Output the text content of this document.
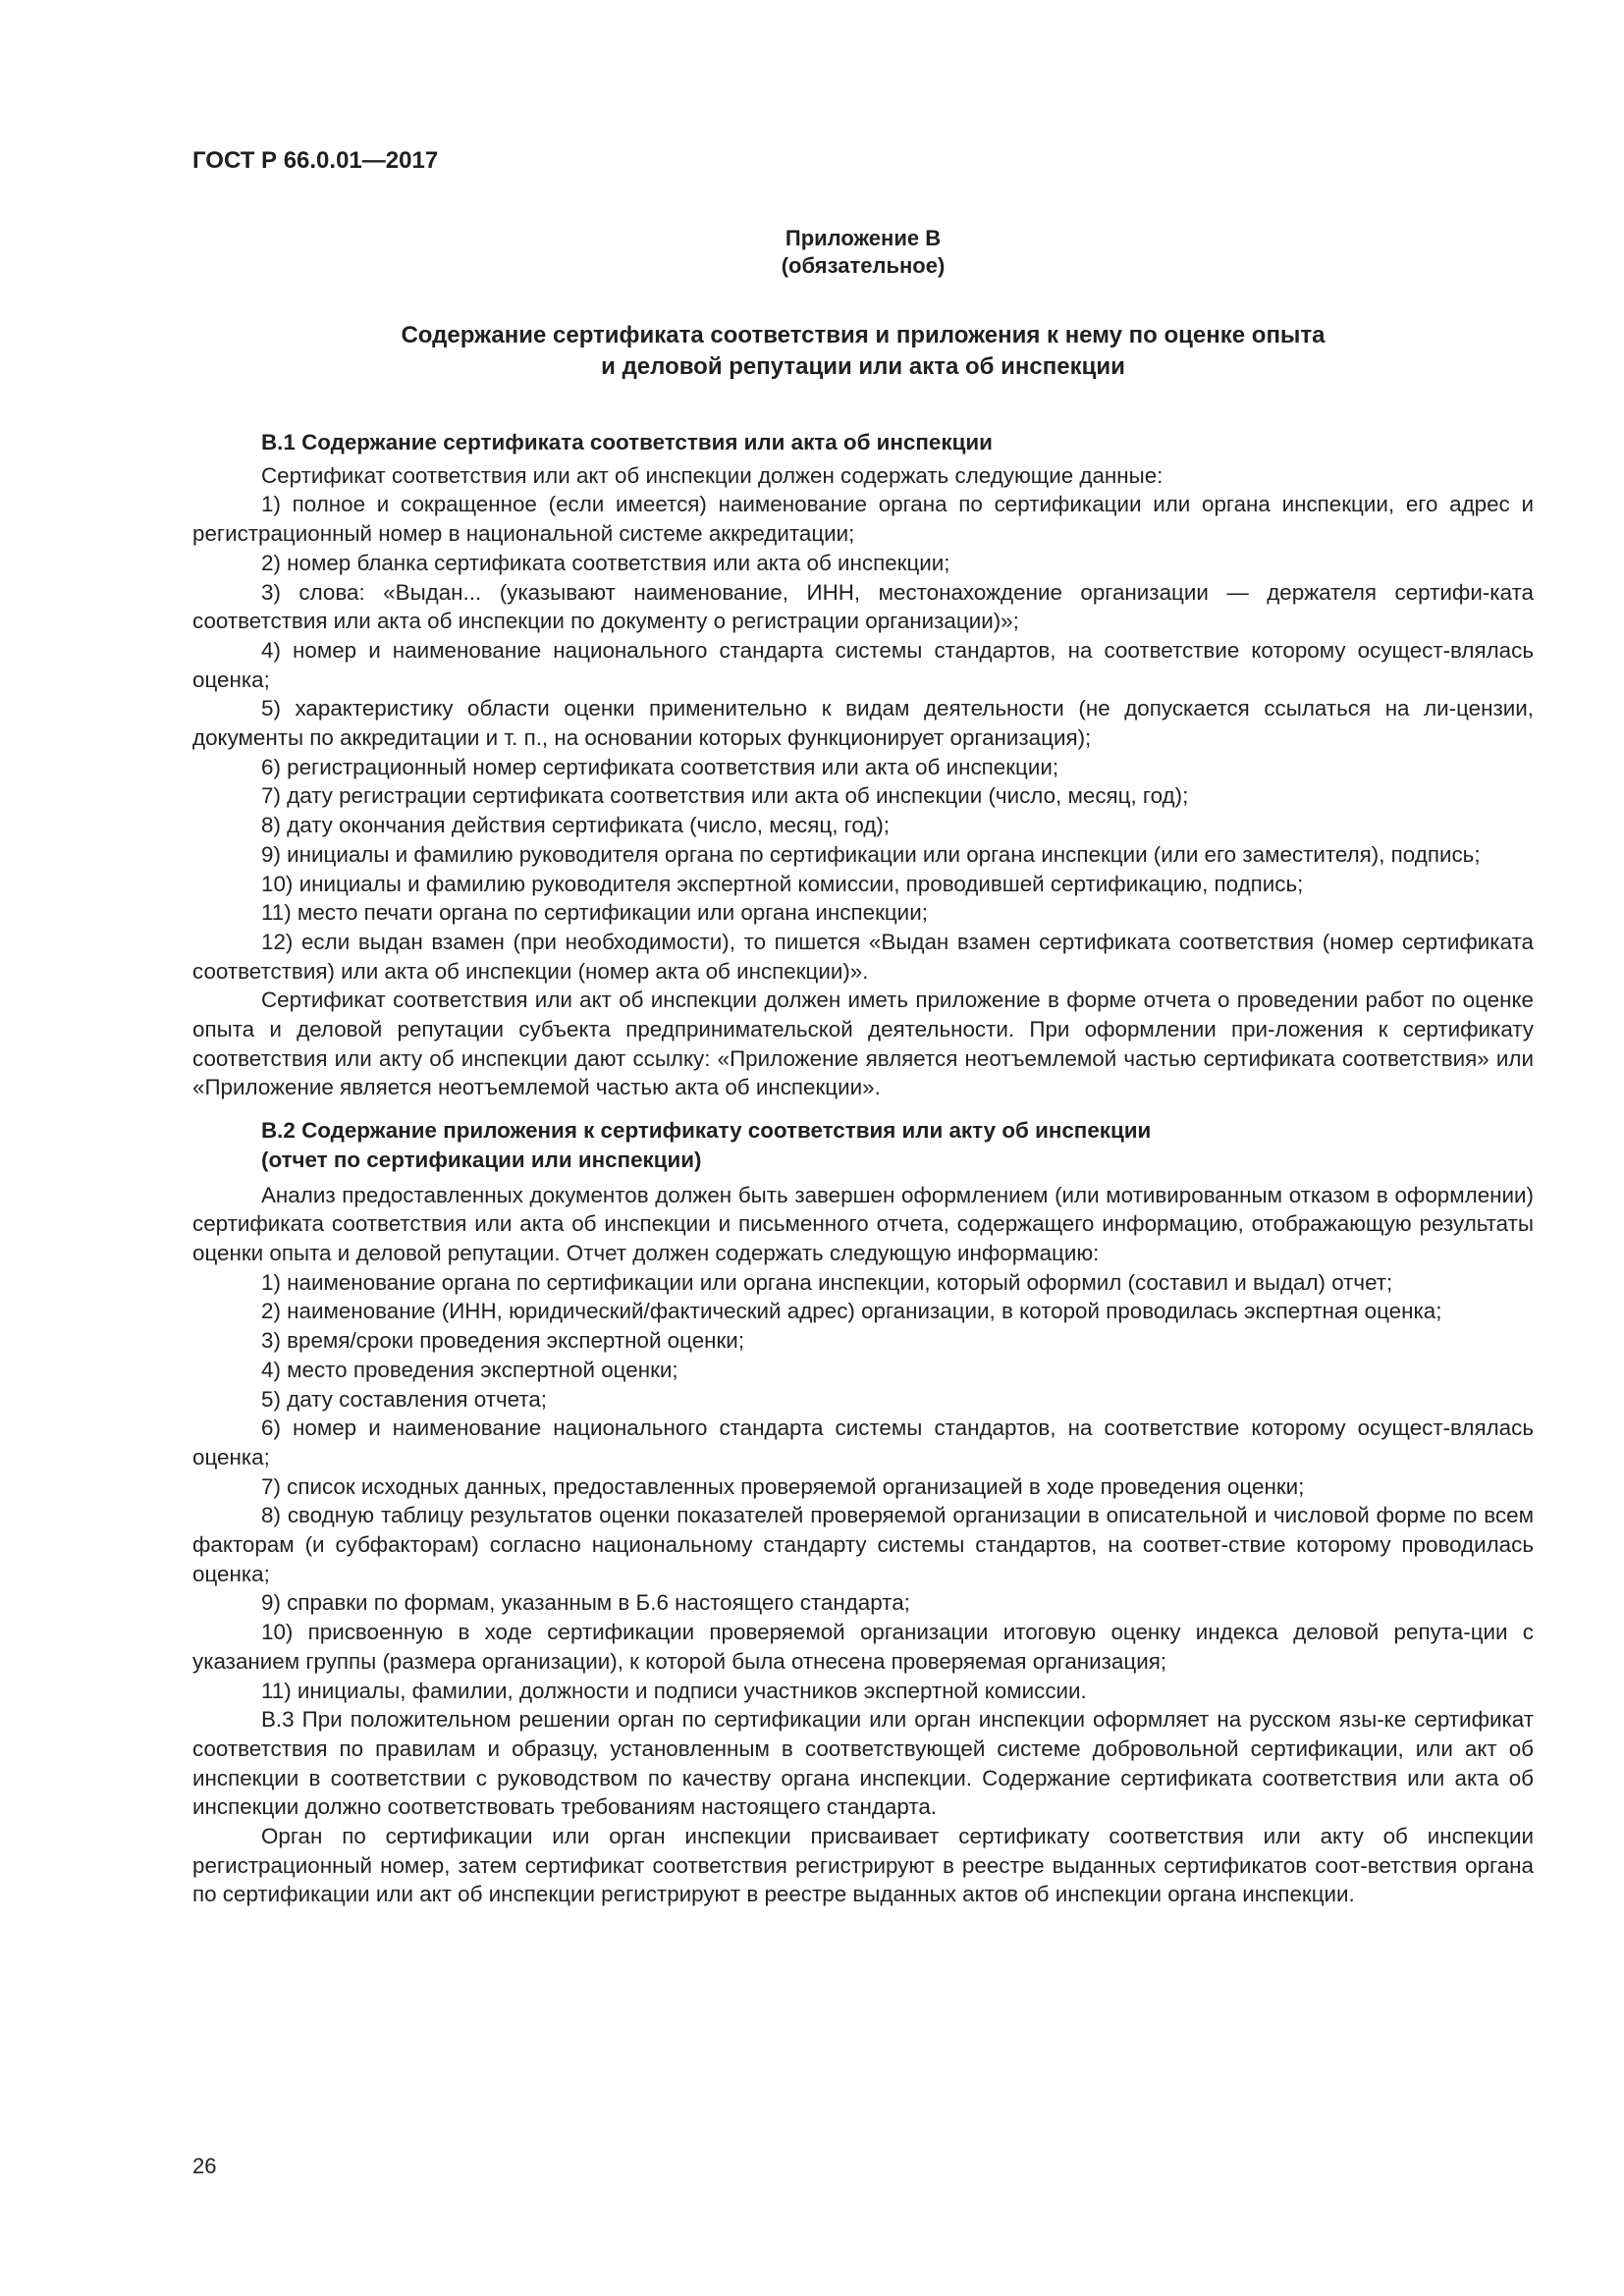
ГОСТ Р 66.0.01—2017

Приложение В
(обязательное)
Содержание сертификата соответствия и приложения к нему по оценке опыта
и деловой репутации или акта об инспекции
В.1 Содержание сертификата соответствия или акта об инспекции

Сертификат соответствия или акт об инспекции должен содержать следующие данные:

1) полное и сокращенное (если имеется) наименование органа по сертификации или органа инспекции, его адрес и регистрационный номер в национальной системе аккредитации;

2) номер бланка сертификата соответствия или акта об инспекции;

3) слова: «Выдан... (указывают наименование, ИНН, местонахождение организации — держателя сертифи-ката соответствия или акта об инспекции по документу о регистрации организации)»;

4) номер и наименование национального стандарта системы стандартов, на соответствие которому осущест-влялась оценка;

5) характеристику области оценки применительно к видам деятельности (не допускается ссылаться на ли-цензии, документы по аккредитации и т. п., на основании которых функционирует организация);

6) регистрационный номер сертификата соответствия или акта об инспекции;

7) дату регистрации сертификата соответствия или акта об инспекции (число, месяц, год);

8) дату окончания действия сертификата (число, месяц, год);

9) инициалы и фамилию руководителя органа по сертификации или органа инспекции (или его заместителя), подпись;

10) инициалы и фамилию руководителя экспертной комиссии, проводившей сертификацию, подпись;

11) место печати органа по сертификации или органа инспекции;

12) если выдан взамен (при необходимости), то пишется «Выдан взамен сертификата соответствия (номер сертификата соответствия) или акта об инспекции (номер акта об инспекции)».

Сертификат соответствия или акт об инспекции должен иметь приложение в форме отчета о проведении работ по оценке опыта и деловой репутации субъекта предпринимательской деятельности. При оформлении при-ложения к сертификату соответствия или акту об инспекции дают ссылку: «Приложение является неотъемлемой частью сертификата соответствия» или «Приложение является неотъемлемой частью акта об инспекции».

В.2 Содержание приложения к сертификату соответствия или акту об инспекции
(отчет по сертификации или инспекции)

Анализ предоставленных документов должен быть завершен оформлением (или мотивированным отказом в оформлении) сертификата соответствия или акта об инспекции и письменного отчета, содержащего информацию, отображающую результаты оценки опыта и деловой репутации. Отчет должен содержать следующую информацию:

1) наименование органа по сертификации или органа инспекции, который оформил (составил и выдал) отчет;

2) наименование (ИНН, юридический/фактический адрес) организации, в которой проводилась экспертная оценка;

3) время/сроки проведения экспертной оценки;

4) место проведения экспертной оценки;

5) дату составления отчета;

6) номер и наименование национального стандарта системы стандартов, на соответствие которому осущест-влялась оценка;

7) список исходных данных, предоставленных проверяемой организацией в ходе проведения оценки;

8) сводную таблицу результатов оценки показателей проверяемой организации в описательной и числовой форме по всем факторам (и субфакторам) согласно национальному стандарту системы стандартов, на соответ-ствие которому проводилась оценка;

9) справки по формам, указанным в Б.6 настоящего стандарта;

10) присвоенную в ходе сертификации проверяемой организации итоговую оценку индекса деловой репута-ции с указанием группы (размера организации), к которой была отнесена проверяемая организация;

11) инициалы, фамилии, должности и подписи участников экспертной комиссии.

В.3 При положительном решении орган по сертификации или орган инспекции оформляет на русском язы-ке сертификат соответствия по правилам и образцу, установленным в соответствующей системе добровольной сертификации, или акт об инспекции в соответствии с руководством по качеству органа инспекции. Содержание сертификата соответствия или акта об инспекции должно соответствовать требованиям настоящего стандарта.

Орган по сертификации или орган инспекции присваивает сертификату соответствия или акту об инспекции регистрационный номер, затем сертификат соответствия регистрируют в реестре выданных сертификатов соот-ветствия органа по сертификации или акт об инспекции регистрируют в реестре выданных актов об инспекции органа инспекции.

26
